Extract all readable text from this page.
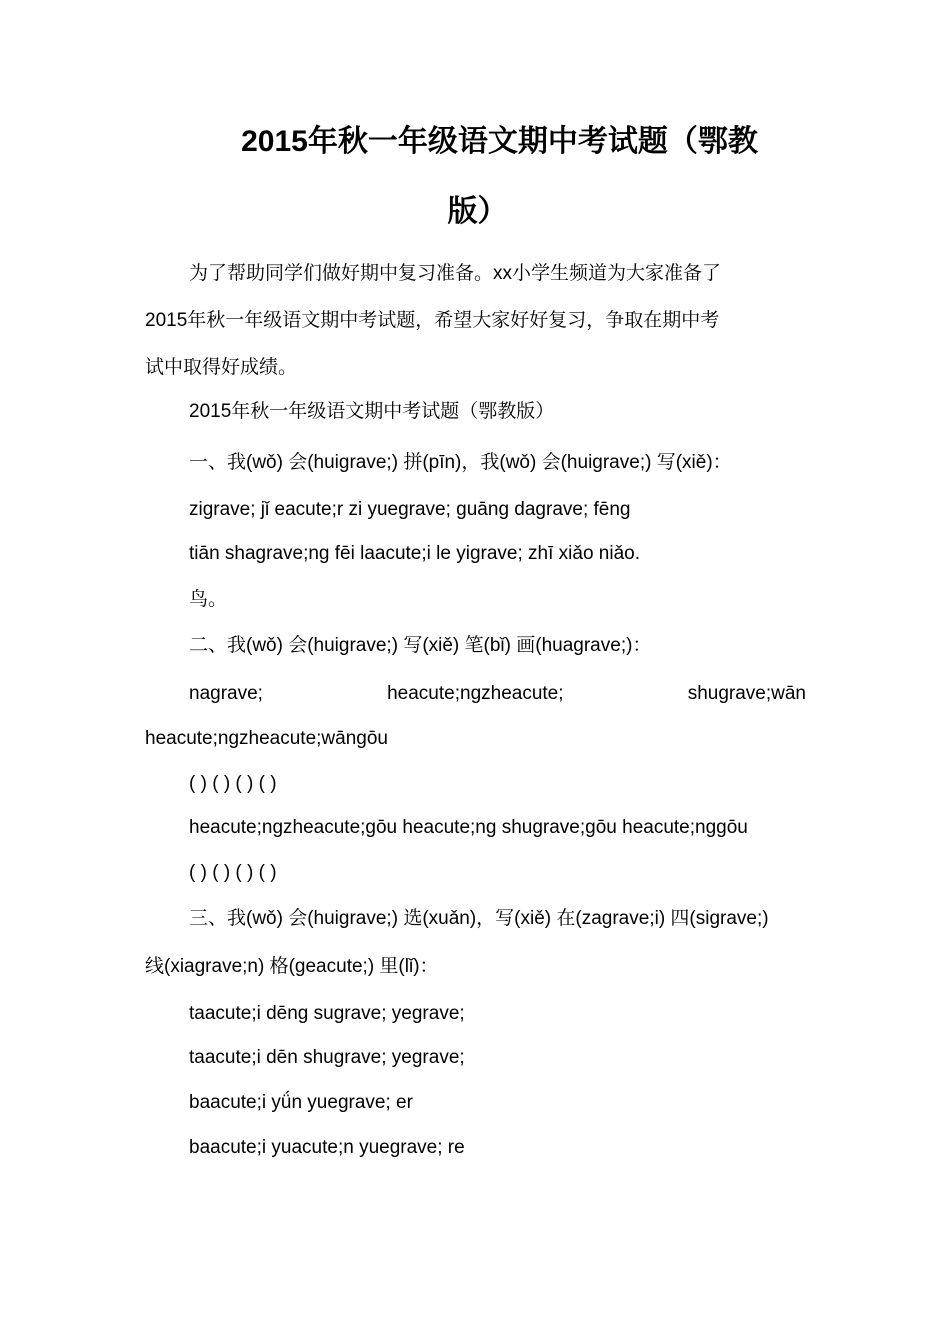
2015年秋一年级语文期中考试题（鄂教
版）
为了帮助同学们做好期中复习准备。xx小学生频道为大家准备了
2015年秋一年级语文期中考试题，希望大家好好复习，争取在期中考
试中取得好成绩。
2015年秋一年级语文期中考试题（鄂教版）
一、我(wǒ) 会(huigrave;) 拼(pīn)，我(wǒ) 会(huigrave;) 写(xiě)：
zigrave; jǐ eacute;r zi yuegrave; guāng dagrave; fēng
tiān shagrave;ng fēi laacute;i le yigrave; zhī xiǎo niǎo.
鸟。
二、我(wǒ) 会(huigrave;) 写(xiě) 笔(bǐ) 画(huagrave;)：
nagrave;	heacute;ngzheacute;	shugrave;wān
heacute;ngzheacute;wāngōu
( ) ( ) ( ) ( )
heacute;ngzheacute;gōu heacute;ng shugrave;gōu heacute;nggōu
( ) ( ) ( ) ( )
三、我(wǒ) 会(huigrave;) 选(xuǎn)，写(xiě) 在(zagrave;i) 四(sigrave;)
线(xiagrave;n) 格(geacute;) 里(lǐ)：
taacute;i dēng sugrave; yegrave;
taacute;i dēn shugrave; yegrave;
baacute;i yǘn yuegrave; er
baacute;i yuacute;n yuegrave; re
